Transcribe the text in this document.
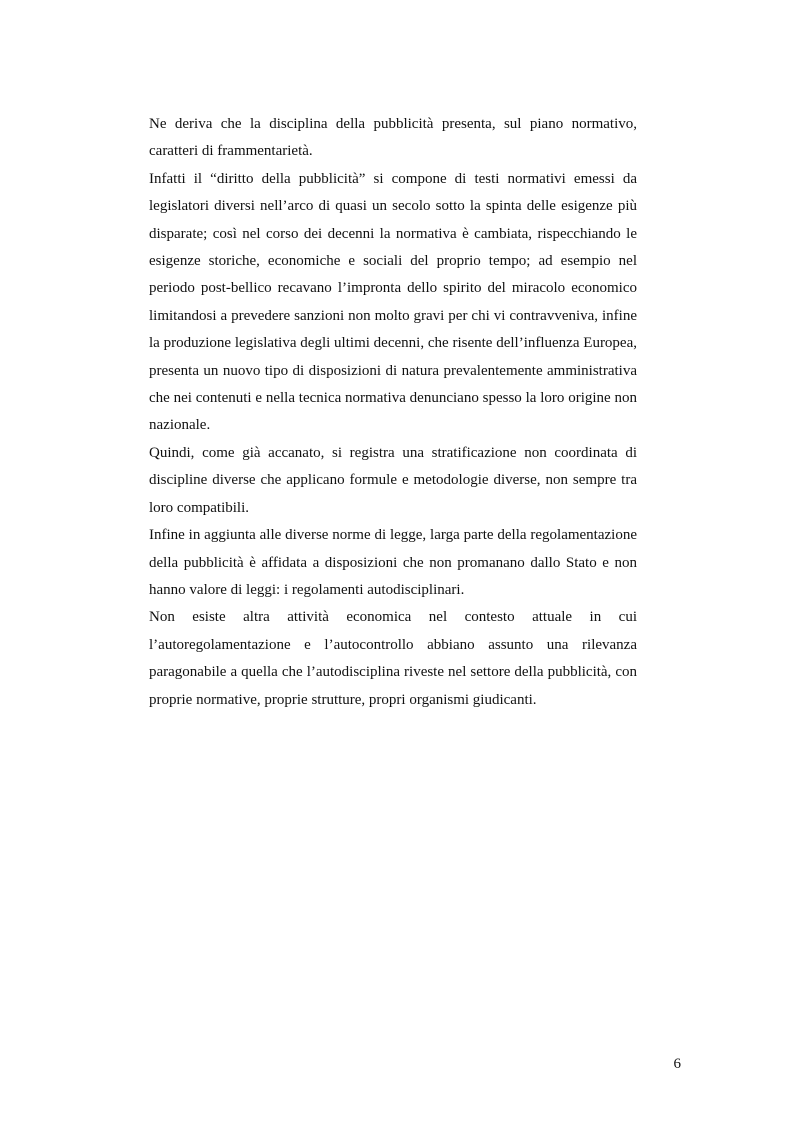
Ne deriva che la disciplina della pubblicità presenta, sul piano normativo, caratteri di frammentarietà.

Infatti il “diritto della pubblicità” si compone di testi normativi emessi da legislatori diversi nell’arco di quasi un secolo sotto la spinta delle esigenze più disparate; così nel corso dei decenni la normativa è cambiata, rispecchiando le esigenze storiche, economiche e sociali del proprio tempo; ad esempio nel periodo post-bellico recavano l’impronta dello spirito del miracolo economico limitandosi a prevedere sanzioni non molto gravi per chi vi contravveniva, infine la produzione legislativa degli ultimi decenni, che risente dell’influenza Europea, presenta un nuovo tipo di disposizioni di natura prevalentemente amministrativa che nei contenuti e nella tecnica normativa denunciano spesso la loro origine non nazionale.

Quindi, come già accanato, si registra una stratificazione non coordinata di discipline diverse che applicano formule e metodologie diverse, non sempre tra loro compatibili.

Infine in aggiunta alle diverse norme di legge, larga parte della regolamentazione della pubblicità è affidata a disposizioni che non promanano dallo Stato e non hanno valore di leggi: i regolamenti autodisciplinari.

Non esiste altra attività economica nel contesto attuale in cui l’autoregolamentazione e l’autocontrollo abbiano assunto una rilevanza paragonabile a quella che l’autodisciplina riveste nel settore della pubblicità, con proprie normative, proprie strutture, propri organismi giudicanti.

6
